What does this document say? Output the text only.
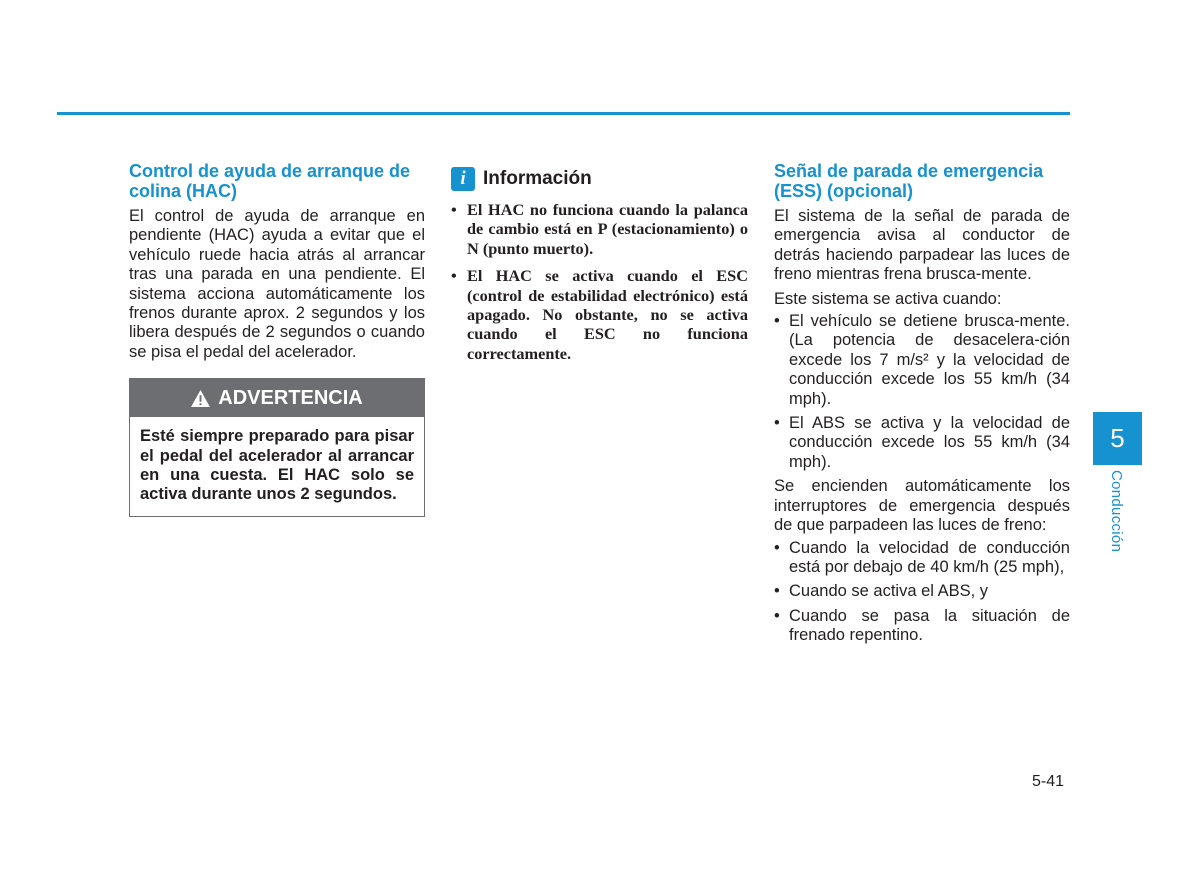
Control de ayuda de arranque de colina (HAC)

El control de ayuda de arranque en pendiente (HAC) ayuda a evitar que el vehículo ruede hacia atrás al arrancar tras una parada en una pendiente. El sistema acciona automáticamente los frenos durante aprox. 2 segundos y los libera después de 2 segundos o cuando se pisa el pedal del acelerador.

ADVERTENCIA
Esté siempre preparado para pisar el pedal del acelerador al arrancar en una cuesta. El HAC solo se activa durante unos 2 segundos.
i Información
• El HAC no funciona cuando la palanca de cambio está en P (estacionamiento) o N (punto muerto).
• El HAC se activa cuando el ESC (control de estabilidad electrónico) está apagado. No obstante, no se activa cuando el ESC no funciona correctamente.
Señal de parada de emergencia (ESS) (opcional)

El sistema de la señal de parada de emergencia avisa al conductor de detrás haciendo parpadear las luces de freno mientras frena brusca-mente.

Este sistema se activa cuando:

• El vehículo se detiene brusca-mente. (La potencia de desacelera-ción excede los 7 m/s² y la velocidad de conducción excede los 55 km/h (34 mph).
• El ABS se activa y la velocidad de conducción excede los 55 km/h (34 mph).

Se encienden automáticamente los interruptores de emergencia después de que parpadeen las luces de freno:

• Cuando la velocidad de conducción está por debajo de 40 km/h (25 mph),
• Cuando se activa el ABS, y
• Cuando se pasa la situación de frenado repentino.
5
Conducción
5-41
